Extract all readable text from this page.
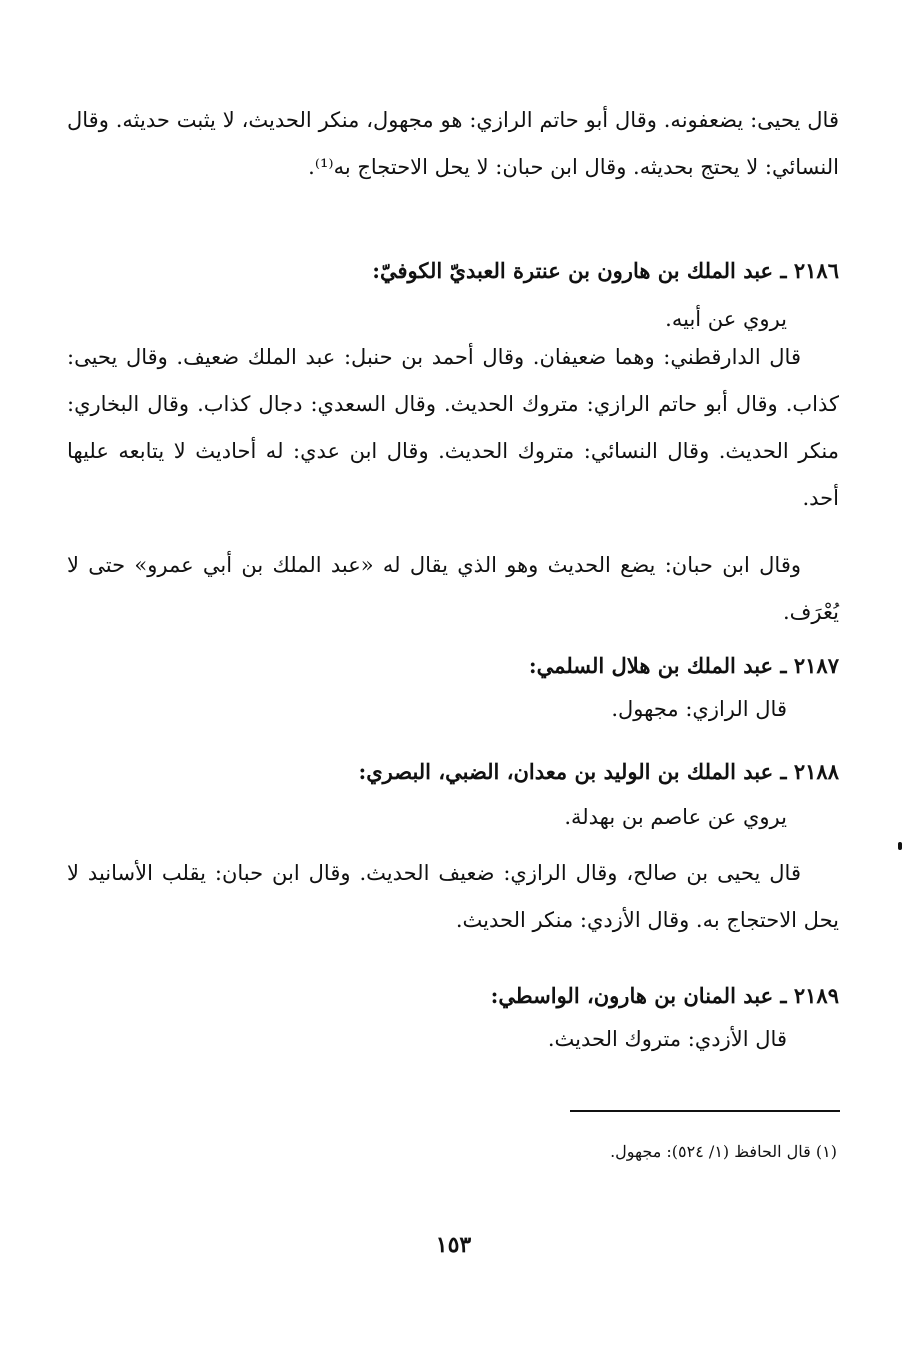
قال يحيى: يضعفونه. وقال أبو حاتم الرازي: هو مجهول، منكر الحديث، لا يثبت حديثه. وقال النسائي: لا يحتج بحديثه. وقال ابن حبان: لا يحل الاحتجاج به⁽¹⁾.

٢١٨٦ ـ عبد الملك بن هارون بن عنترة العبديّ الكوفيّ:

يروي عن أبيه.

قال الدارقطني: وهما ضعيفان. وقال أحمد بن حنبل: عبد الملك ضعيف. وقال يحيى: كذاب. وقال أبو حاتم الرازي: متروك الحديث. وقال السعدي: دجال كذاب. وقال البخاري: منكر الحديث. وقال النسائي: متروك الحديث. وقال ابن عدي: له أحاديث لا يتابعه عليها أحد.

وقال ابن حبان: يضع الحديث وهو الذي يقال له «عبد الملك بن أبي عمرو» حتى لا يُعْرَف.

٢١٨٧ ـ عبد الملك بن هلال السلمي:

قال الرازي: مجهول.

٢١٨٨ ـ عبد الملك بن الوليد بن معدان، الضبي، البصري:

يروي عن عاصم بن بهدلة.

قال يحيى بن صالح، وقال الرازي: ضعيف الحديث. وقال ابن حبان: يقلب الأسانيد لا يحل الاحتجاج به. وقال الأزدي: منكر الحديث.

٢١٨٩ ـ عبد المنان بن هارون، الواسطي:

قال الأزدي: متروك الحديث.

(١) قال الحافظ (١/ ٥٢٤): مجهول.
١٥٣
